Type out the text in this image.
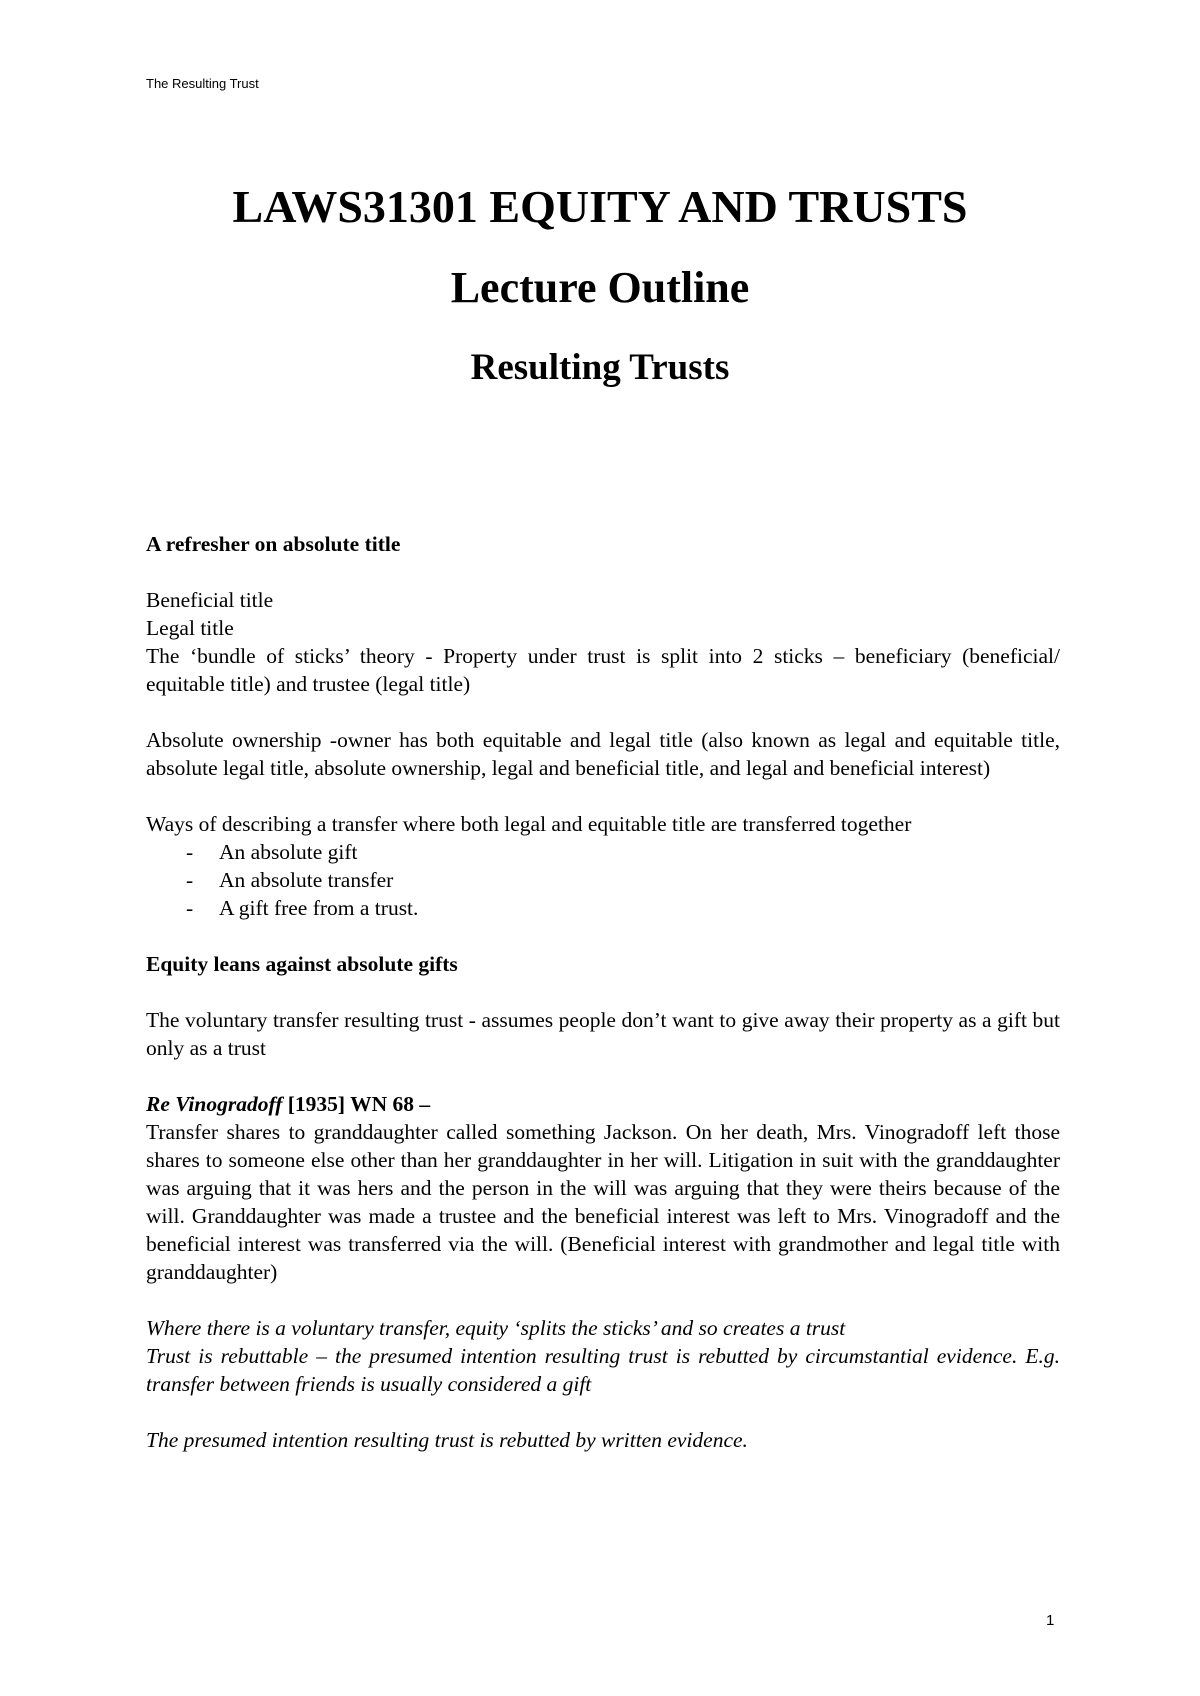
The Resulting Trust
LAWS31301 EQUITY AND TRUSTS
Lecture Outline
Resulting Trusts

A refresher on absolute title

Beneficial title

Legal title

The ‘bundle of sticks’ theory - Property under trust is split into 2 sticks – beneficiary (beneficial/ equitable title) and trustee (legal title)

Absolute ownership -owner has both equitable and legal title (also known as legal and equitable title, absolute legal title, absolute ownership, legal and beneficial title, and legal and beneficial interest)

Ways of describing a transfer where both legal and equitable title are transferred together

- An absolute gift
- An absolute transfer
- A gift free from a trust.

Equity leans against absolute gifts

The voluntary transfer resulting trust - assumes people don’t want to give away their property as a gift but only as a trust

Re Vinogradoff [1935] WN 68 –

Transfer shares to granddaughter called something Jackson. On her death, Mrs. Vinogradoff left those shares to someone else other than her granddaughter in her will. Litigation in suit with the granddaughter was arguing that it was hers and the person in the will was arguing that they were theirs because of the will. Granddaughter was made a trustee and the beneficial interest was left to Mrs. Vinogradoff and the beneficial interest was transferred via the will. (Beneficial interest with grandmother and legal title with granddaughter)

Where there is a voluntary transfer, equity ‘splits the sticks’ and so creates a trust

Trust is rebuttable – the presumed intention resulting trust is rebutted by circumstantial evidence. E.g. transfer between friends is usually considered a gift

The presumed intention resulting trust is rebutted by written evidence.

1
